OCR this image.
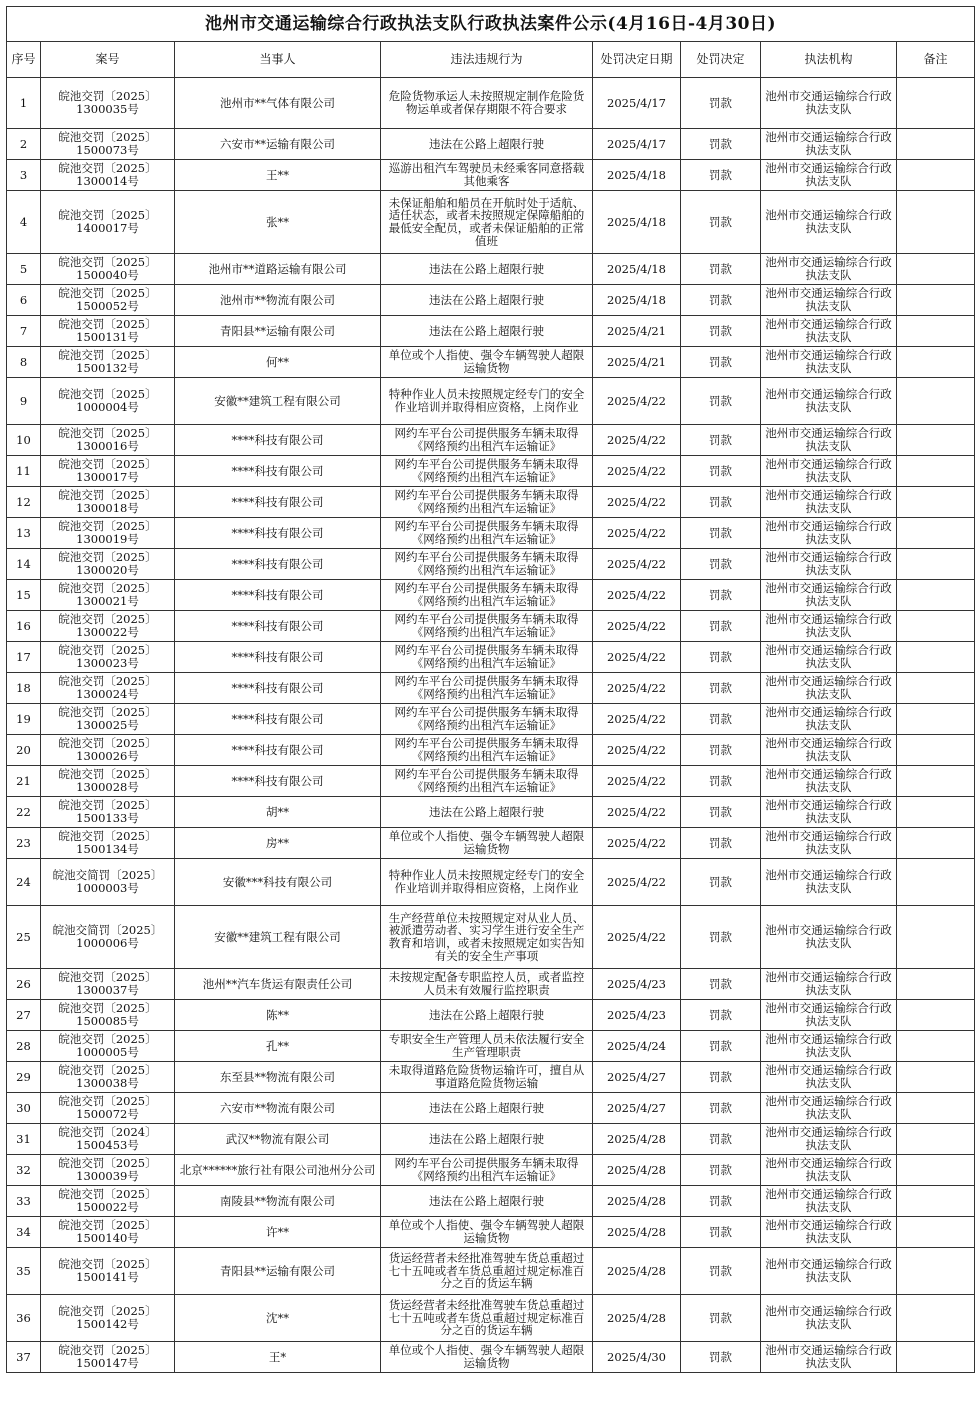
池州市交通运输综合行政执法支队行政执法案件公示(4月16日-4月30日)							
序号	案号	当事人	违法违规行为	处罚决定日期	处罚决定	执法机构	备注
1	皖池交罚〔2025〕1300035号	池州市**气体有限公司	危险货物承运人未按照规定制作危险货物运单或者保存期限不符合要求	2025/4/17	罚款	池州市交通运输综合行政执法支队	
2	皖池交罚〔2025〕1500073号	六安市**运输有限公司	违法在公路上超限行驶	2025/4/17	罚款	池州市交通运输综合行政执法支队	
3	皖池交罚〔2025〕1300014号	王**	巡游出租汽车驾驶员未经乘客同意搭载其他乘客	2025/4/18	罚款	池州市交通运输综合行政执法支队	
4	皖池交罚〔2025〕1400017号	张**	未保证船舶和船员在开航时处于适航、适任状态，或者未按照规定保障船舶的最低安全配员，或者未保证船舶的正常值班	2025/4/18	罚款	池州市交通运输综合行政执法支队	
5	皖池交罚〔2025〕1500040号	池州市**道路运输有限公司	违法在公路上超限行驶	2025/4/18	罚款	池州市交通运输综合行政执法支队	
6	皖池交罚〔2025〕1500052号	池州市**物流有限公司	违法在公路上超限行驶	2025/4/18	罚款	池州市交通运输综合行政执法支队	
7	皖池交罚〔2025〕1500131号	青阳县**运输有限公司	违法在公路上超限行驶	2025/4/21	罚款	池州市交通运输综合行政执法支队	
8	皖池交罚〔2025〕1500132号	何**	单位或个人指使、强令车辆驾驶人超限运输货物	2025/4/21	罚款	池州市交通运输综合行政执法支队	
9	皖池交罚〔2025〕1000004号	安徽**建筑工程有限公司	特种作业人员未按照规定经专门的安全作业培训并取得相应资格，上岗作业	2025/4/22	罚款	池州市交通运输综合行政执法支队	
10	皖池交罚〔2025〕1300016号	****科技有限公司	网约车平台公司提供服务车辆未取得《网络预约出租汽车运输证》	2025/4/22	罚款	池州市交通运输综合行政执法支队	
11	皖池交罚〔2025〕1300017号	****科技有限公司	网约车平台公司提供服务车辆未取得《网络预约出租汽车运输证》	2025/4/22	罚款	池州市交通运输综合行政执法支队	
12	皖池交罚〔2025〕1300018号	****科技有限公司	网约车平台公司提供服务车辆未取得《网络预约出租汽车运输证》	2025/4/22	罚款	池州市交通运输综合行政执法支队	
13	皖池交罚〔2025〕1300019号	****科技有限公司	网约车平台公司提供服务车辆未取得《网络预约出租汽车运输证》	2025/4/22	罚款	池州市交通运输综合行政执法支队	
14	皖池交罚〔2025〕1300020号	****科技有限公司	网约车平台公司提供服务车辆未取得《网络预约出租汽车运输证》	2025/4/22	罚款	池州市交通运输综合行政执法支队	
15	皖池交罚〔2025〕1300021号	****科技有限公司	网约车平台公司提供服务车辆未取得《网络预约出租汽车运输证》	2025/4/22	罚款	池州市交通运输综合行政执法支队	
16	皖池交罚〔2025〕1300022号	****科技有限公司	网约车平台公司提供服务车辆未取得《网络预约出租汽车运输证》	2025/4/22	罚款	池州市交通运输综合行政执法支队	
17	皖池交罚〔2025〕1300023号	****科技有限公司	网约车平台公司提供服务车辆未取得《网络预约出租汽车运输证》	2025/4/22	罚款	池州市交通运输综合行政执法支队	
18	皖池交罚〔2025〕1300024号	****科技有限公司	网约车平台公司提供服务车辆未取得《网络预约出租汽车运输证》	2025/4/22	罚款	池州市交通运输综合行政执法支队	
19	皖池交罚〔2025〕1300025号	****科技有限公司	网约车平台公司提供服务车辆未取得《网络预约出租汽车运输证》	2025/4/22	罚款	池州市交通运输综合行政执法支队	
20	皖池交罚〔2025〕1300026号	****科技有限公司	网约车平台公司提供服务车辆未取得《网络预约出租汽车运输证》	2025/4/22	罚款	池州市交通运输综合行政执法支队	
21	皖池交罚〔2025〕1300028号	****科技有限公司	网约车平台公司提供服务车辆未取得《网络预约出租汽车运输证》	2025/4/22	罚款	池州市交通运输综合行政执法支队	
22	皖池交罚〔2025〕1500133号	胡**	违法在公路上超限行驶	2025/4/22	罚款	池州市交通运输综合行政执法支队	
23	皖池交罚〔2025〕1500134号	房**	单位或个人指使、强令车辆驾驶人超限运输货物	2025/4/22	罚款	池州市交通运输综合行政执法支队	
24	皖池交简罚〔2025〕1000003号	安徽***科技有限公司	特种作业人员未按照规定经专门的安全作业培训并取得相应资格，上岗作业	2025/4/22	罚款	池州市交通运输综合行政执法支队	
25	皖池交简罚〔2025〕1000006号	安徽**建筑工程有限公司	生产经营单位未按照规定对从业人员、被派遣劳动者、实习学生进行安全生产教育和培训，或者未按照规定如实告知有关的安全生产事项	2025/4/22	罚款	池州市交通运输综合行政执法支队	
26	皖池交罚〔2025〕1300037号	池州**汽车货运有限责任公司	未按规定配备专职监控人员，或者监控人员未有效履行监控职责	2025/4/23	罚款	池州市交通运输综合行政执法支队	
27	皖池交罚〔2025〕1500085号	陈**	违法在公路上超限行驶	2025/4/23	罚款	池州市交通运输综合行政执法支队	
28	皖池交罚〔2025〕1000005号	孔**	专职安全生产管理人员未依法履行安全生产管理职责	2025/4/24	罚款	池州市交通运输综合行政执法支队	
29	皖池交罚〔2025〕1300038号	东至县**物流有限公司	未取得道路危险货物运输许可，擅自从事道路危险货物运输	2025/4/27	罚款	池州市交通运输综合行政执法支队	
30	皖池交罚〔2025〕1500072号	六安市**物流有限公司	违法在公路上超限行驶	2025/4/27	罚款	池州市交通运输综合行政执法支队	
31	皖池交罚〔2024〕1500453号	武汉**物流有限公司	违法在公路上超限行驶	2025/4/28	罚款	池州市交通运输综合行政执法支队	
32	皖池交罚〔2025〕1300039号	北京******旅行社有限公司池州分公司	网约车平台公司提供服务车辆未取得《网络预约出租汽车运输证》	2025/4/28	罚款	池州市交通运输综合行政执法支队	
33	皖池交罚〔2025〕1500022号	南陵县**物流有限公司	违法在公路上超限行驶	2025/4/28	罚款	池州市交通运输综合行政执法支队	
34	皖池交罚〔2025〕1500140号	许**	单位或个人指使、强令车辆驾驶人超限运输货物	2025/4/28	罚款	池州市交通运输综合行政执法支队	
35	皖池交罚〔2025〕1500141号	青阳县**运输有限公司	货运经营者未经批准驾驶车货总重超过七十五吨或者车货总重超过规定标准百分之百的货运车辆	2025/4/28	罚款	池州市交通运输综合行政执法支队	
36	皖池交罚〔2025〕1500142号	沈**	货运经营者未经批准驾驶车货总重超过七十五吨或者车货总重超过规定标准百分之百的货运车辆	2025/4/28	罚款	池州市交通运输综合行政执法支队	
37	皖池交罚〔2025〕1500147号	王*	单位或个人指使、强令车辆驾驶人超限运输货物	2025/4/30	罚款	池州市交通运输综合行政执法支队	
